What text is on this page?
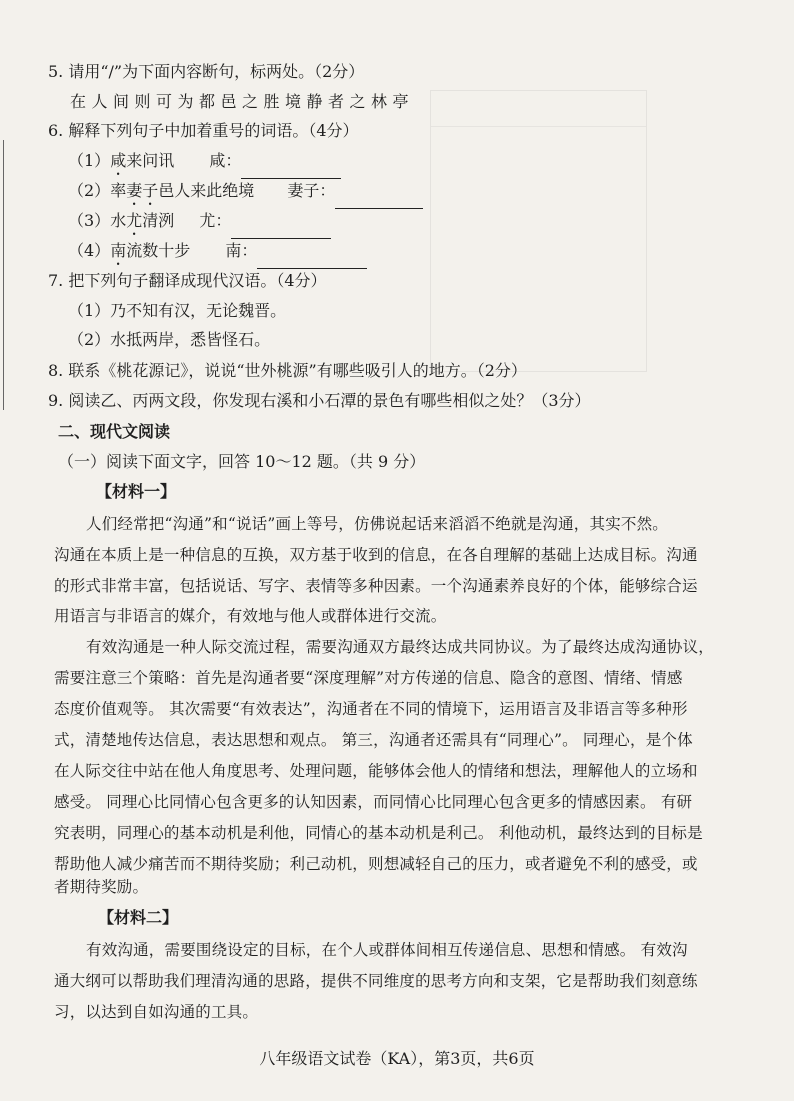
5. 请用“/”为下面内容断句，标两处。（2分）
在人间则可为都邑之胜境静者之林亭
6. 解释下列句子中加着重号的词语。（4分）
（1）咸来问讯 咸：
（2）率妻子邑人来此绝境 妻子：
（3）水尤清洌 尤：
（4）南流数十步 南：
7. 把下列句子翻译成现代汉语。（4分）
（1）乃不知有汉，无论魏晋。
（2）水抵两岸，悉皆怪石。
8. 联系《桃花源记》，说说“世外桃源”有哪些吸引人的地方。（2分）
9. 阅读乙、丙两文段，你发现右溪和小石潭的景色有哪些相似之处？（3分）
二、现代文阅读
（一）阅读下面文字，回答 10～12 题。（共 9 分）
【材料一】
人们经常把“沟通”和“说话”画上等号，仿佛说起话来滔滔不绝就是沟通，其实不然。
沟通在本质上是一种信息的互换，双方基于收到的信息，在各自理解的基础上达成目标。沟通
的形式非常丰富，包括说话、写字、表情等多种因素。一个沟通素养良好的个体，能够综合运
用语言与非语言的媒介，有效地与他人或群体进行交流。
有效沟通是一种人际交流过程，需要沟通双方最终达成共同协议。为了最终达成沟通协议，
需要注意三个策略：首先是沟通者要“深度理解”对方传递的信息、隐含的意图、情绪、情感
态度价值观等。 其次需要“有效表达”，沟通者在不同的情境下，运用语言及非语言等多种形
式，清楚地传达信息，表达思想和观点。 第三，沟通者还需具有“同理心”。 同理心，是个体
在人际交往中站在他人角度思考、处理问题，能够体会他人的情绪和想法，理解他人的立场和
感受。 同理心比同情心包含更多的认知因素，而同情心比同理心包含更多的情感因素。 有研
究表明，同理心的基本动机是利他，同情心的基本动机是利己。 利他动机，最终达到的目标是
帮助他人减少痛苦而不期待奖励；利己动机，则想减轻自己的压力，或者避免不利的感受，或
者期待奖励。
【材料二】
有效沟通，需要围绕设定的目标，在个人或群体间相互传递信息、思想和情感。 有效沟
通大纲可以帮助我们理清沟通的思路，提供不同维度的思考方向和支架，它是帮助我们刻意练
习，以达到自如沟通的工具。
八年级语文试卷（KA），第3页，共6页
